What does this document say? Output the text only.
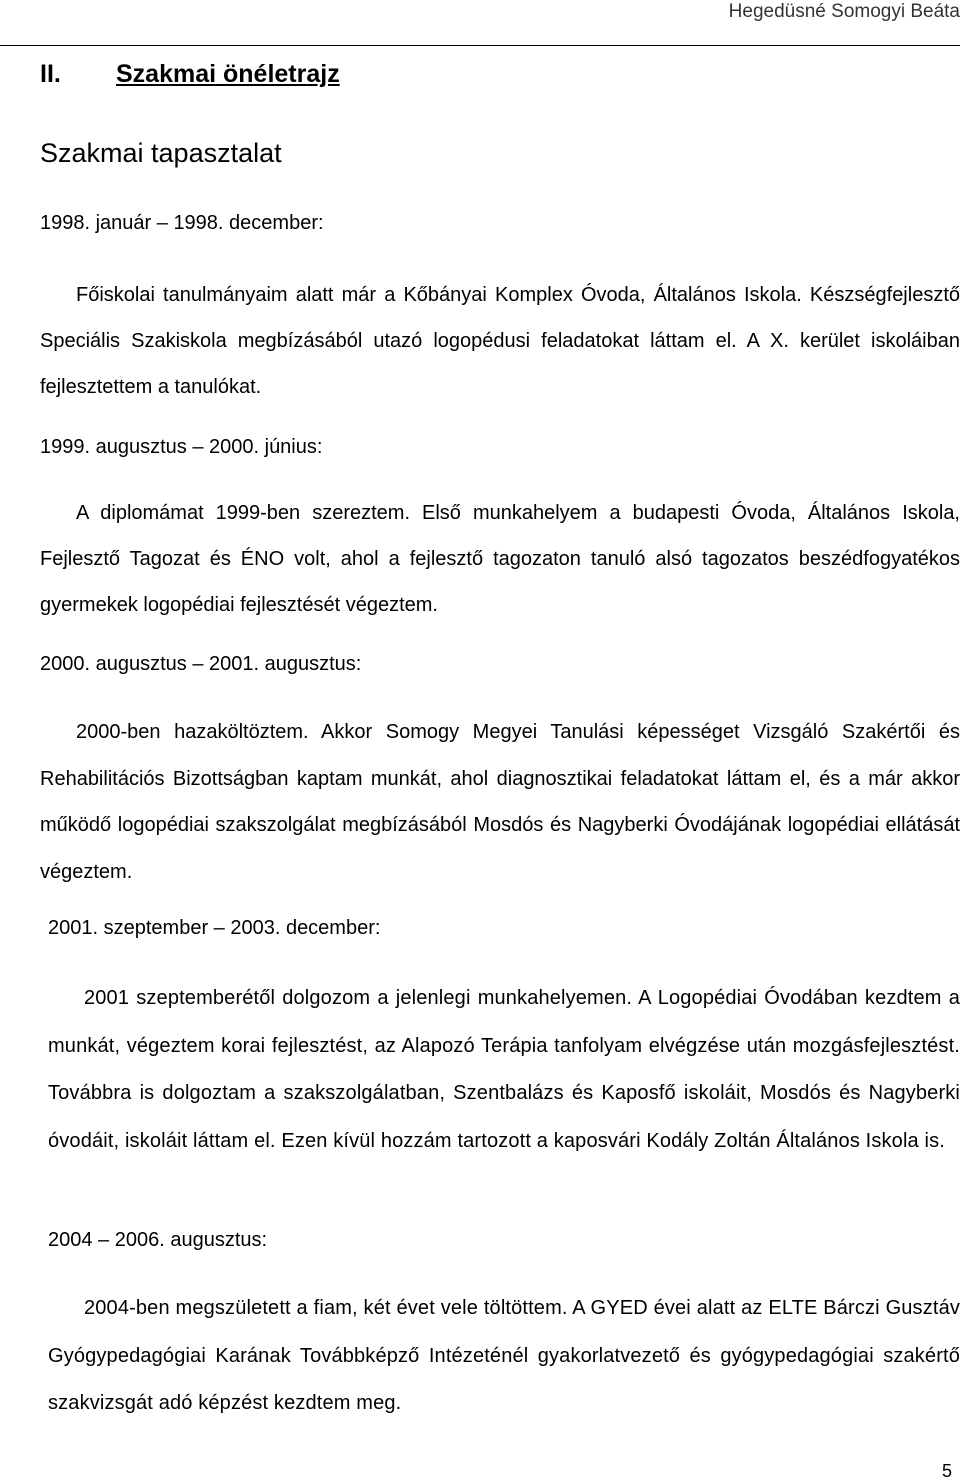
Hegedüsné Somogyi Beáta
II. Szakmai önéletrajz
Szakmai tapasztalat
1998. január – 1998. december:

Főiskolai tanulmányaim alatt már a Kőbányai Komplex Óvoda, Általános Iskola. Készségfejlesztő Speciális Szakiskola megbízásából utazó logopédusi feladatokat láttam el. A X. kerület iskoláiban fejlesztettem a tanulókat.

1999. augusztus – 2000. június:

A diplomámat 1999-ben szereztem. Első munkahelyem a budapesti Óvoda, Általános Iskola, Fejlesztő Tagozat és ÉNO volt, ahol a fejlesztő tagozaton tanuló alsó tagozatos beszédfogyatékos gyermekek logopédiai fejlesztését végeztem.

2000. augusztus – 2001. augusztus:

2000-ben hazaköltöztem. Akkor Somogy Megyei Tanulási képességet Vizsgáló Szakértői és Rehabilitációs Bizottságban kaptam munkát, ahol diagnosztikai feladatokat láttam el, és a már akkor működő logopédiai szakszolgálat megbízásából Mosdós és Nagyberki Óvodájának logopédiai ellátását végeztem.

2001. szeptember – 2003. december:

2001 szeptemberétől dolgozom a jelenlegi munkahelyemen. A Logopédiai Óvodában kezdtem a munkát, végeztem korai fejlesztést, az Alapozó Terápia tanfolyam elvégzése után mozgásfejlesztést. Továbbra is dolgoztam a szakszolgálatban, Szentbalázs és Kaposfő iskoláit, Mosdós és Nagyberki óvodáit, iskoláit láttam el. Ezen kívül hozzám tartozott a kaposvári Kodály Zoltán Általános Iskola is.

2004 – 2006. augusztus:

2004-ben megszületett a fiam, két évet vele töltöttem. A GYED évei alatt az ELTE Bárczi Gusztáv Gyógypedagógiai Karának Továbbképző Intézeténél gyakorlatvezető és gyógypedagógiai szakértő szakvizsgát adó képzést kezdtem meg.

5
